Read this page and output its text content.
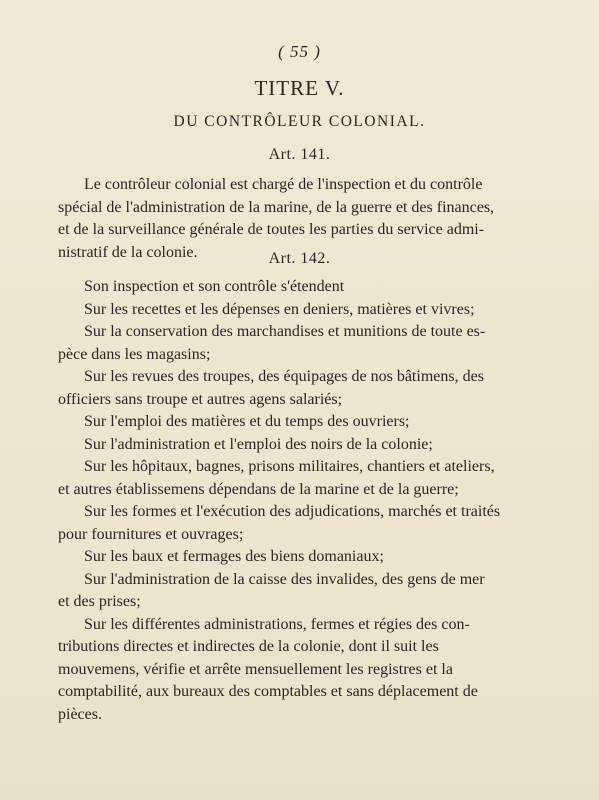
( 55 )
TITRE V.
DU CONTRÔLEUR COLONIAL.
Art. 141.

Le contrôleur colonial est chargé de l'inspection et du contrôle

spécial de l'administration de la marine, de la guerre et des finances,

et de la surveillance générale de toutes les parties du service admi-

nistratif de la colonie.	Art. 142.

Son inspection et son contrôle s'étendent

Sur les recettes et les dépenses en deniers, matières et vivres;

Sur la conservation des marchandises et munitions de toute es-

pèce dans les magasins;

Sur les revues des troupes, des équipages de nos bâtimens, des

officiers sans troupe et autres agens salariés;

Sur l'emploi des matières et du temps des ouvriers;

Sur l'administration et l'emploi des noirs de la colonie;

Sur les hôpitaux, bagnes, prisons militaires, chantiers et ateliers,

et autres établissemens dépendans de la marine et de la guerre;

Sur les formes et l'exécution des adjudications, marchés et traités

pour fournitures et ouvrages;

Sur les baux et fermages des biens domaniaux;

Sur l'administration de la caisse des invalides, des gens de mer

et des prises;

Sur les différentes administrations, fermes et régies des con-

tributions directes et indirectes de la colonie, dont il suit les

mouvemens, vérifie et arrête mensuellement les registres et la

comptabilité, aux bureaux des comptables et sans déplacement de

pièces.
